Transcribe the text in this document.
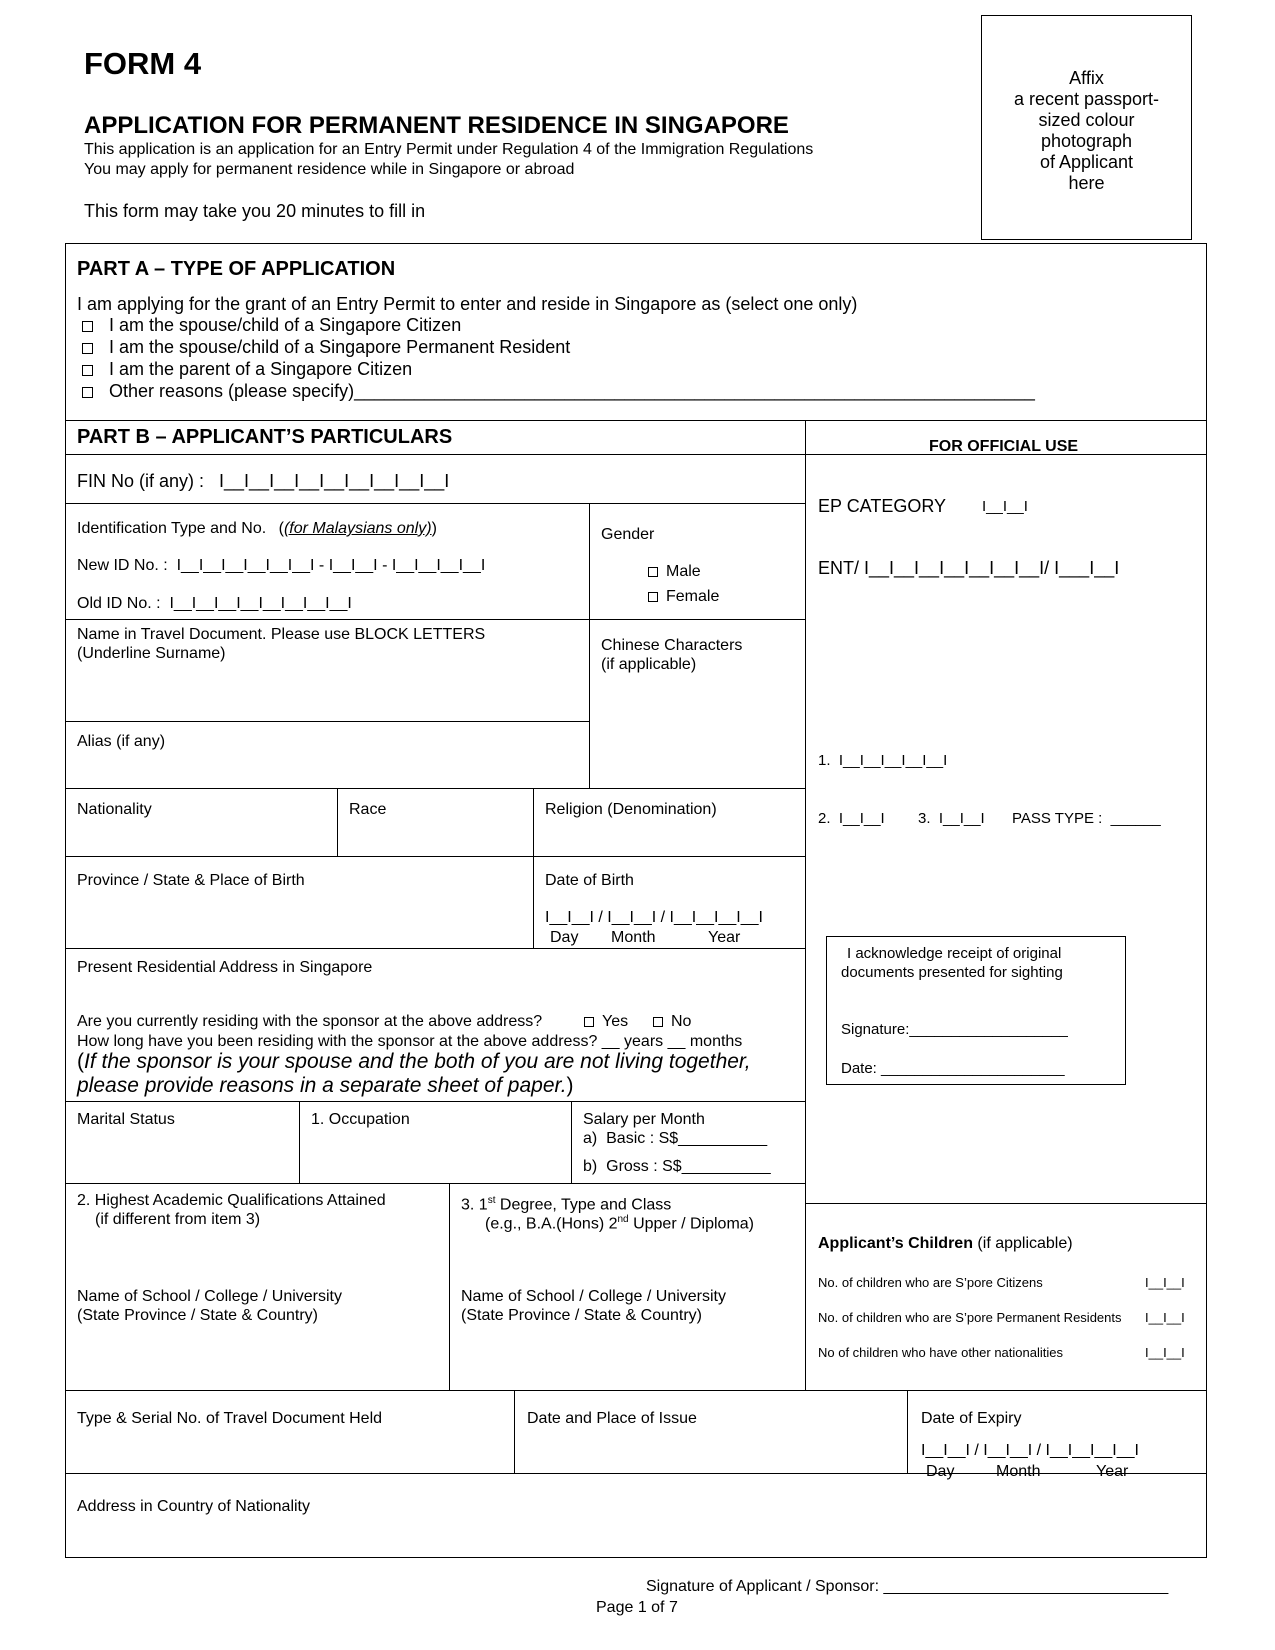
FORM 4
APPLICATION FOR PERMANENT RESIDENCE IN SINGAPORE
This application is an application for an Entry Permit under Regulation 4 of the Immigration Regulations
You may apply for permanent residence while in Singapore or abroad
This form may take you 20 minutes to fill in
Affix
a recent passport-
sized colour
photograph
of Applicant
here
PART A – TYPE OF APPLICATION
I am applying for the grant of an Entry Permit to enter and reside in Singapore as (select one only)
I am the spouse/child of a Singapore Citizen
I am the spouse/child of a Singapore Permanent Resident
I am the parent of a Singapore Citizen
Other reasons (please specify)____________________________________________________________________
PART B – APPLICANT’S PARTICULARS
FIN No (if any) :   I__I__I__I__I__I__I__I__I__I
Identification Type and No. ((for Malaysians only))
New ID No. :  I__I__I__I__I__I__I - I__I__I - I__I__I__I__I
Old ID No. :  I__I__I__I__I__I__I__I__I
Gender
Male
Female
Name in Travel Document. Please use BLOCK LETTERS
(Underline Surname)	Chinese Characters
(if applicable)
Alias (if any)
Nationality	Race	Religion (Denomination)
Province / State & Place of Birth	Date of Birth
I__I__I / I__I__I / I__I__I__I__I
Day Month	Year
Present Residential Address in Singapore
Are you currently residing with the sponsor at the above address?	Yes	No
How long have you been residing with the sponsor at the above address? __ years __ months
(If the sponsor is your spouse and the both of you are not living together,
please provide reasons in a separate sheet of paper.)
Marital Status	1. Occupation	Salary per Month
a)  Basic : S$__________
b)  Gross : S$__________
2. Highest Academic Qualifications Attained
(if different from item 3)
3. 1st Degree, Type and Class
(e.g., B.A.(Hons) 2nd Upper / Diploma)
Name of School / College / University
(State Province / State & Country)
Name of School / College / University
(State Province / State & Country)
Type & Serial No. of Travel Document Held	Date and Place of Issue	Date of Expiry
I__I__I / I__I__I / I__I__I__I__I
Day	Month	Year
Address in Country of Nationality
FOR OFFICIAL USE
EP CATEGORY I__I__I
ENT/ I__I__I__I__I__I__I__I/ I___I__I
1.  I__I__I__I__I__I
2.  I__I__I 3.  I__I__I PASS TYPE :  ______
I acknowledge receipt of original
documents presented for sighting
Signature:___________________
Date: ______________________
Applicant’s Children (if applicable)
No. of children who are S’pore Citizens	I__I__I
No. of children who are S’pore Permanent Residents I__I__I
No of children who have other nationalities	I__I__I
Signature of Applicant / Sponsor: ________________________________
Page 1 of 7
